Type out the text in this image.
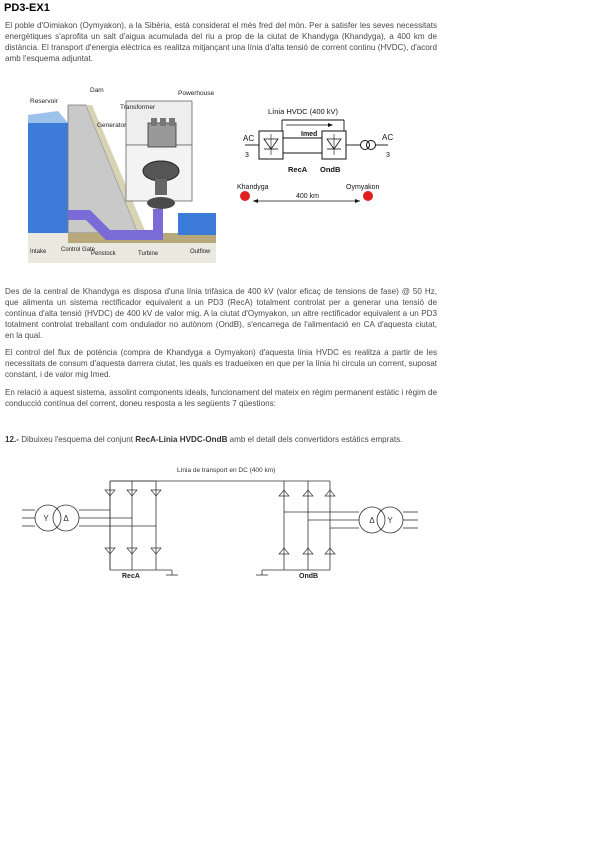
PD3-EX1
El poble d'Oimiakon (Oymyakon), a la Sibèria, està considerat el més fred del món. Per a satisfer les seves necessitats energètiques s'aprofita un salt d'aigua acumulada del riu a prop de la ciutat de Khandyga (Khandyga), a 400 km de distància. El transport d'energia elèctrica es realitza mitjançant una línia d'alta tensió de corrent continu (HVDC), d'acord amb l'esquema adjuntat.
Reservoir
Dam
Transformer
Powerhouse
Generator
Intake Control Gate
Penstock	Turbine	Outflow
Línia HVDC (400 kV)
Imed
RecA OndB
AC
3
AC
3
Khandyga	Oymyakon
400 km
Des de la central de Khandyga es disposa d'una línia trifàsica de 400 kV (valor eficaç de tensions de fase) @ 50 Hz, que alimenta un sistema rectificador equivalent a un PD3 (RecA) totalment controlat per a generar una tensió de contínua d'alta tensió (HVDC) de 400 kV de valor mig. A la ciutat d'Oymyakon, un altre rectificador equivalent a un PD3 totalment controlat treballant com ondulador no autònom (OndB), s'encarrega de l'alimentació en CA d'aquesta ciutat, en la qual.
El control del flux de potència (compra de Khandyga a Oymyakon) d'aquesta línia HVDC es realitza a partir de les necessitats de consum d'aquesta darrera ciutat, les quals es tradueixen en que per la línia hi circula un corrent, suposat constant, i de valor mig Imed.
En relació a aquest sistema, assolint components ideals, funcionament del mateix en règim permanent estàtic i règim de conducció contínua del corrent, doneu resposta a les següents 7 qüestions:
12.- Dibuixeu l'esquema del conjunt RecA-Línia HVDC-OndB amb el detall dels convertidors estàtics emprats.
Y Δ	Δ Y
Línia de transport en DC (400 km)
RecA	OndB
